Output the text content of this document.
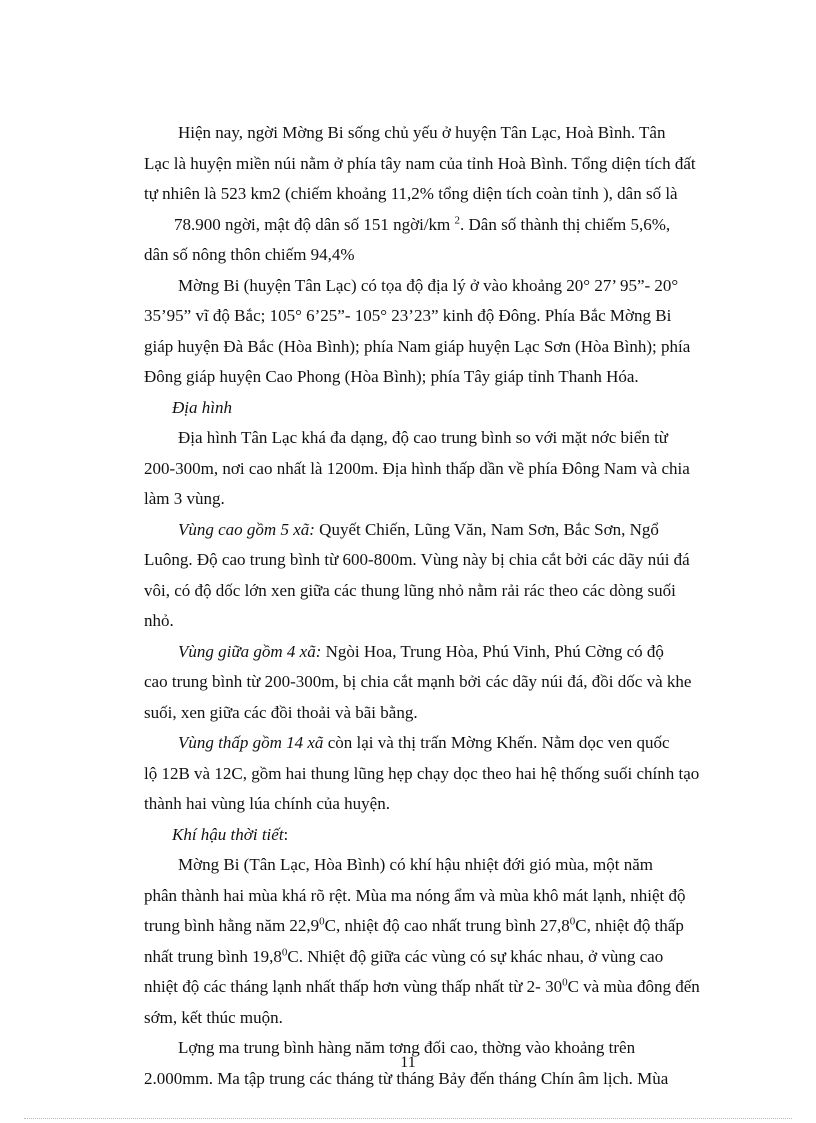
Hiện nay, ngời Mờng Bi sống chủ yếu ở huyện Tân Lạc, Hoà Bình. Tân
Lạc là huyện miền núi nằm ở phía tây nam của tỉnh Hoà Bình. Tổng diện tích đất
tự nhiên là 523 km2 (chiếm khoảng 11,2% tổng diện tích coàn tỉnh ), dân số là
78.900 ngời, mật độ dân số 151 ngời/km $^2$. Dân số thành thị chiếm 5,6%,
dân số nông thôn chiếm 94,4%

Mờng Bi (huyện Tân Lạc) có tọa độ địa lý ở vào khoảng 20° 27’ 95”- 20°
35’95” vĩ độ Bắc; 105° 6’25”- 105° 23’23” kinh độ Đông. Phía Bắc Mờng Bi
giáp huyện Đà Bắc (Hòa Bình); phía Nam giáp huyện Lạc Sơn (Hòa Bình); phía
Đông giáp huyện Cao Phong (Hòa Bình); phía Tây giáp tỉnh Thanh Hóa.

Địa hình

Địa hình Tân Lạc khá đa dạng, độ cao trung bình so với mặt nớc biển từ
200-300m, nơi cao nhất là 1200m. Địa hình thấp dần về phía Đông Nam và chia
làm 3 vùng.

Vùng cao gồm 5 xã: Quyết Chiến, Lũng Văn, Nam Sơn, Bắc Sơn, Ngổ
Luông. Độ cao trung bình từ 600-800m. Vùng này bị chia cắt bởi các dãy núi đá
vôi, có độ dốc lớn xen giữa các thung lũng nhỏ nằm rải rác theo các dòng suối
nhỏ.

Vùng giữa gồm 4 xã: Ngòi Hoa, Trung Hòa, Phú Vinh, Phú Cờng có độ
cao trung bình từ 200-300m, bị chia cắt mạnh bởi các dãy núi đá, đồi dốc và khe
suối, xen giữa các đồi thoải và bãi bằng.

Vùng thấp gồm 14 xã còn lại và thị trấn Mờng Khến. Nằm dọc ven quốc
lộ 12B và 12C, gồm hai thung lũng hẹp chạy dọc theo hai hệ thống suối chính tạo
thành hai vùng lúa chính của huyện.

Khí hậu thời tiết:

Mờng Bi (Tân Lạc, Hòa Bình) có khí hậu nhiệt đới gió mùa, một năm
phân thành hai mùa khá rõ rệt. Mùa ma nóng ẩm và mùa khô mát lạnh, nhiệt độ
trung bình hằng năm 22,9$^0$C, nhiệt độ cao nhất trung bình 27,8$^0$C, nhiệt độ thấp
nhất trung bình 19,8$^0$C. Nhiệt độ giữa các vùng có sự khác nhau, ở vùng cao
nhiệt độ các tháng lạnh nhất thấp hơn vùng thấp nhất từ 2- $30^0C$ và mùa đông đến
sớm, kết thúc muộn.

Lợng ma trung bình hàng năm tơng đối cao, thờng vào khoảng trên
2.000mm. Ma tập trung các tháng từ tháng Bảy đến tháng Chín âm lịch. Mùa

11
